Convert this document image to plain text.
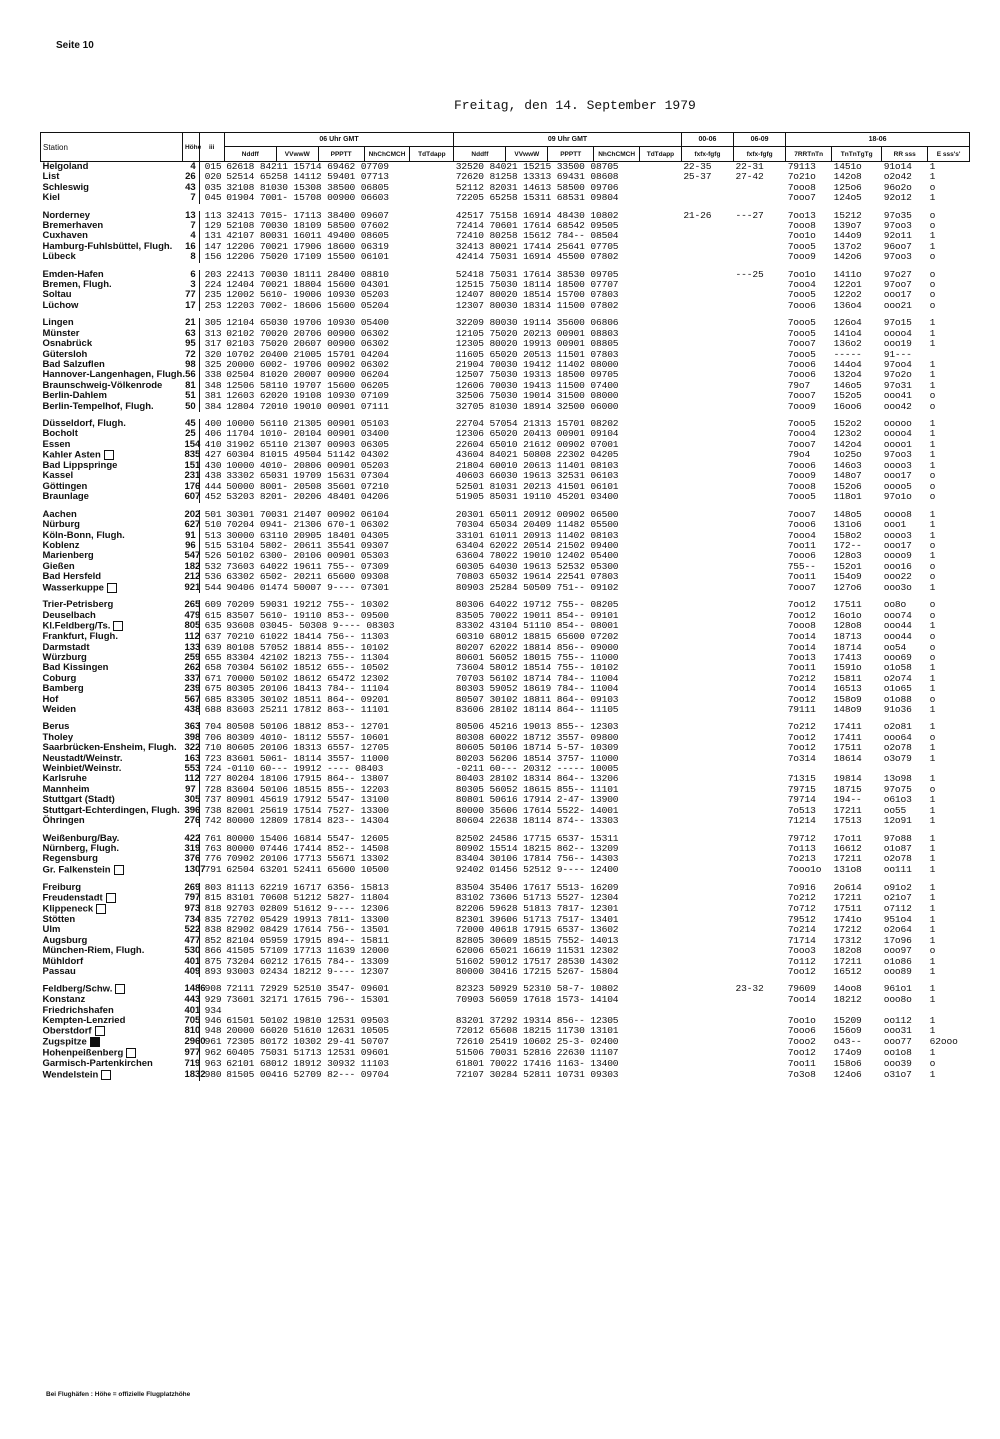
Seite 10
Freitag, den 14. September 1979
Station	Höhe	iii	06 Uhr GMT					09 Uhr GMT					00-06	06-09	18-06			
			Nddff	VVwwW	PPPTT	NhChCMCH	TdTdapp	Nddff	VVwwW	PPPTT	NhChCMCH	TdTdapp	fxfx-fgfg	fxfx-fgfg	7RRTnTn	TnTnTgTg	RR sss	E sss's'
Helgoland	4	015	62618 84211 15714 69462 07709					32520 84021 15215 33500 08705					22-35	22-31	79113	1451o	91o14	1
List	26	020	52514 65258 14112 59401 07713					72620 81258 13313 69431 08608					25-37	27-42	7o21o	142o8	o2o42	1
Schleswig	43	035	32108 81030 15308 38500 06805					52112 82031 14613 58500 09706							7ooo8	125o6	96o2o	o
Kiel	7	045	01904 7001- 15708 00900 06603					72205 65258 15311 68531 09804							7ooo7	124o5	92o12	1

Norderney	13	113	32413 7015- 17113 38400 09607					42517 75158 16914 48430 10802					21-26	---27	7oo13	15212	97o35	o
Bremerhaven	7	129	52108 70030 18109 58500 07602					72414 70601 17614 68542 09505							7ooo8	139o7	97oo3	o
Cuxhaven	4	131	42107 80031 16011 49400 08605					72410 80258 15612 784-- 08504							7oo1o	144o9	92o11	1
Hamburg-Fuhlsbüttel, Flugh.	16	147	12206 70021 17906 18600 06319					32413 80021 17414 25641 07705							7ooo5	137o2	96oo7	1
Lübeck	8	156	12206 75020 17109 15500 06101					42414 75031 16914 45500 07802							7ooo9	142o6	97oo3	o

Emden-Hafen	6	203	22413 70030 18111 28400 08810					52418 75031 17614 38530 09705						---25	7oo1o	1411o	97o27	o
Bremen, Flugh.	3	224	12404 70021 18804 15600 04301					12515 75030 18114 18500 07707							7ooo4	122o1	97oo7	o
Soltau	77	235	12002 5610- 19006 10930 05203					12407 80020 18514 15700 07803							7ooo5	122o2	ooo17	o
Lüchow	17	253	12203 7002- 18606 15600 05204					12307 80030 18314 11500 07802							7ooo6	136o4	ooo21	o

Lingen	21	305	12104 65030 19706 10930 05400					32209 80030 19114 35600 06806							7ooo5	126o4	97o15	1
Münster	63	313	02102 70020 20706 00900 06302					12105 75020 20213 00901 08803							7ooo5	141o4	oooo4	1
Osnabrück	95	317	02103 75020 20607 00900 06302					12305 80020 19913 00901 08805							7ooo7	136o2	ooo19	1
Gütersloh	72	320	10702 20400 21005 15701 04204					11605 65020 20513 11501 07803							7ooo5	-----	91---	
Bad Salzuflen	98	325	20000 6002- 19706 00902 06302					21904 70030 19412 11402 08000							7ooo6	144o4	97oo4	1
Hannover-Langenhagen, Flugh.	56	338	02504 81020 20007 00900 06204					12507 75030 19313 18500 09705							7ooo6	132o4	97o2o	1
Braunschweig-Völkenrode	81	348	12506 58110 19707 15600 06205					12606 70030 19413 11500 07400							79o7	146o5	97o31	1
Berlin-Dahlem	51	381	12603 62020 19108 10930 07109					32506 75030 19014 31500 08000							7ooo7	152o5	ooo41	o
Berlin-Tempelhof, Flugh.	50	384	12804 72010 19010 00901 07111					32705 81030 18914 32500 06000							7ooo9	16oo6	ooo42	o

Düsseldorf, Flugh.	45	400	10000 56110 21305 00901 05103					22704 57054 21313 15701 08202							7ooo5	152o2	ooooo	1
Bocholt	25	406	11704 1010- 20104 00901 03400					12306 65020 20413 00901 09104							7ooo4	123o2	oooo4	1
Essen	154	410	31902 65110 21307 00903 06305					22604 65010 21612 00902 07001							7ooo7	142o4	oooo1	1
Kahler Asten	835	427	60304 81015 49504 51142 04302					43604 84021 50808 22302 04205							79o4	1o25o	97oo3	1
Bad Lippspringe	151	430	10000 4010- 20806 00901 05203					21804 60010 20613 11401 08103							7ooo6	146o3	oooo3	1
Kassel	231	438	33302 65031 19709 15631 07304					40603 66030 19613 32531 06103							7ooo9	148o7	ooo17	o
Göttingen	176	444	50000 8001- 20508 35601 07210					52501 81031 20213 41501 06101							7ooo8	152o6	oooo5	o
Braunlage	607	452	53203 8201- 20206 48401 04206					51905 85031 19110 45201 03400							7ooo5	118o1	97o1o	o

Aachen	202	501	30301 70031 21407 00902 06104					20301 65011 20912 00902 06500							7ooo7	148o5	oooo8	1
Nürburg	627	510	70204 0941- 21306 670-1 06302					70304 65034 20409 11482 05500							7ooo6	131o6	ooo1	1
Köln-Bonn, Flugh.	91	513	30000 63110 20905 18401 04305					33101 61011 20913 11402 08103							7ooo4	158o2	oooo3	1
Koblenz	96	515	53104 5802- 20611 35541 09307					63404 62022 20514 21502 09400							7oo11	172--	ooo17	o
Marienberg	547	526	50102 6300- 20106 00901 05303					63604 78022 19010 12402 05400							7ooo6	128o3	oooo9	1
Gießen	182	532	73603 64022 19611 755-- 07309					60305 64030 19613 52532 05300							755--	152o1	ooo16	o
Bad Hersfeld	212	536	63302 6502- 20211 65600 09308					70803 65032 19614 22541 07803							7oo11	154o9	ooo22	o
Wasserkuppe	921	544	90406 01474 50007 9---- 07301					80903 25284 50509 751-- 09102							7ooo7	127o6	ooo3o	1

Trier-Petrisberg	265	609	70209 59031 19212 755-- 10302					80306 64022 19712 755-- 08205							7oo12	17511	oo8o	o
Deuselbach	479	615	83507 5610- 19110 853-- 09500					83505 70022 19011 854-- 09101							7oo12	16o1o	ooo74	o
Kl.Feldberg/Ts.	805	635	93608 03045- 50308 9---- 08303					83302 43104 51110 854-- 08001							7ooo8	128o8	ooo44	1
Frankfurt, Flugh.	112	637	70210 61022 18414 756-- 11303					60310 68012 18815 65600 07202							7oo14	18713	ooo44	o
Darmstadt	133	639	80108 57052 18814 855-- 10102					80207 62022 18814 856-- 09000							7oo14	18714	oo54	o
Würzburg	259	655	83304 42102 18213 755-- 11304					80601 56052 18015 755-- 11000							7oo13	17413	ooo69	o
Bad Kissingen	262	658	70304 56102 18512 655-- 10502					73604 58012 18514 755-- 10102							7oo11	1591o	o1o58	1
Coburg	337	671	70000 50102 18612 65472 12302					70703 56102 18714 784-- 11004							7o212	15811	o2o74	1
Bamberg	239	675	80305 20106 18413 784-- 11104					80303 59052 18619 784-- 11004							7oo14	16513	o1o65	1
Hof	567	685	83305 30102 18511 864-- 09201					80507 30102 18811 864-- 09103							7oo12	158o9	o1o88	o
Weiden	438	688	83603 25211 17812 863-- 11101					83606 28102 18114 864-- 11105							79111	148o9	91o36	1

Berus	363	704	80508 50106 18812 853-- 12701					80506 45216 19013 855-- 12303							7o212	17411	o2o81	1
Tholey	398	706	80309 4010- 18112 5557- 10601					80308 60022 18712 3557- 09800							7oo12	17411	ooo64	o
Saarbrücken-Ensheim, Flugh.	322	710	80605 20106 18313 6557- 12705					80605 50106 18714 5-57- 10309							7oo12	17511	o2o78	1
Neustadt/Weinstr.	163	723	83601 5061- 18114 3557- 11000					80203 56206 18514 3757- 11000							7o314	18614	o3o79	1
Weinbiet/Weinstr.	553	724	-0110 60--- 19912 ---- 08403					-0211 60--- 20312 ----- 10005										
Karlsruhe	112	727	80204 18106 17915 864-- 13807					80403 28102 18314 864-- 13206							71315	19814	13o98	1
Mannheim	97	728	83604 50106 18515 855-- 12203					80305 56052 18615 855-- 11101							79715	18715	97o75	o
Stuttgart (Stadt)	305	737	80901 45619 17912 5547- 13100					80801 50616 17914 2-47- 13900							79714	194--	o61o3	1
Stuttgart-Echterdingen, Flugh.	396	738	82001 25619 17514 7527- 13300					80000 35606 17614 5522- 14001							7o513	17211	oo55	1
Öhringen	276	742	80000 12809 17814 823-- 14304					80604 22638 18114 874-- 13303							71214	17513	12o91	1

Weißenburg/Bay.	422	761	80000 15406 16814 5547- 12605					82502 24586 17715 6537- 15311							79712	17o11	97o88	1
Nürnberg, Flugh.	319	763	80000 07446 17414 852-- 14508					80902 15514 18215 862-- 13209							7o113	16612	o1o87	1
Regensburg	376	776	70902 20106 17713 55671 13302					83404 30106 17814 756-- 14303							7o213	17211	o2o78	1
Gr. Falkenstein	1307	791	62504 63201 52411 65600 10500					92402 01456 52512 9---- 12400							7ooo1o	131o8	oo111	1

Freiburg	269	803	81113 62219 16717 6356- 15813					83504 35406 17617 5513- 16209							7o916	2o614	o91o2	1
Freudenstadt	797	815	83101 70608 51212 5827- 11804					83102 73606 51713 5527- 12304							7o212	17211	o21o7	1
Klippeneck	973	818	92703 02809 51612 9---- 12306					82206 59628 51813 7817- 12301							7o712	17511	o7112	1
Stötten	734	835	72702 05429 19913 7811- 13300					82301 39606 51713 7517- 13401							79512	1741o	951o4	1
Ulm	522	838	82902 08429 17614 756-- 13501					72000 40618 17915 6537- 13602							7o214	17212	o2o64	1
Augsburg	477	852	82104 05959 17915 894-- 15811					82805 30609 18515 7552- 14013							71714	17312	17o96	1
München-Riem, Flugh.	530	866	41505 57109 17713 11639 12000					62006 65021 16619 11531 12302							7ooo3	182o8	ooo97	o
Mühldorf	401	875	73204 60212 17615 784-- 13309					51602 59012 17517 28530 14302							7o112	17211	o1o86	1
Passau	409	893	93003 02434 18212 9---- 12307					80000 30416 17215 5267- 15804							7oo12	16512	ooo89	1

Feldberg/Schw.	1486	908	72111 72929 52510 3547- 09601					82323 50929 52310 58-7- 10802						23-32	79609	14oo8	961o1	1
Konstanz	443	929	73601 32171 17615 796-- 15301					70903 56059 17618 1573- 14104							7oo14	18212	ooo8o	1
Friedrichshafen	401	934																
Kempten-Lenzried	705	946	61501 50102 19810 12531 09503					83201 37292 19314 856-- 12305							7oo1o	15209	oo112	1
Oberstdorf	810	948	20000 66020 51610 12631 10505					72012 65608 18215 11730 13101							7ooo6	156o9	ooo31	1
Zugspitze	2960	961	72305 80172 10302 29-41 50707					72610 25419 10602 25-3- 02400							7ooo2	o43--	ooo77	62ooo
Hohenpeißenberg	977	962	60405 75031 51713 12531 09601					51506 70031 52816 22630 11107							7oo12	174o9	oo1o8	1
Garmisch-Partenkirchen	719	963	62101 68012 18912 30932 11103					61801 70022 17416 1163- 13400							7oo11	158o6	ooo39	o
Wendelstein	1832	980	81505 00416 52709 82--- 09704					72107 30284 52811 10731 09303							7o3o8	124o6	o31o7	1
Bei Flughäfen : Höhe = offizielle Flugplatzhöhe
